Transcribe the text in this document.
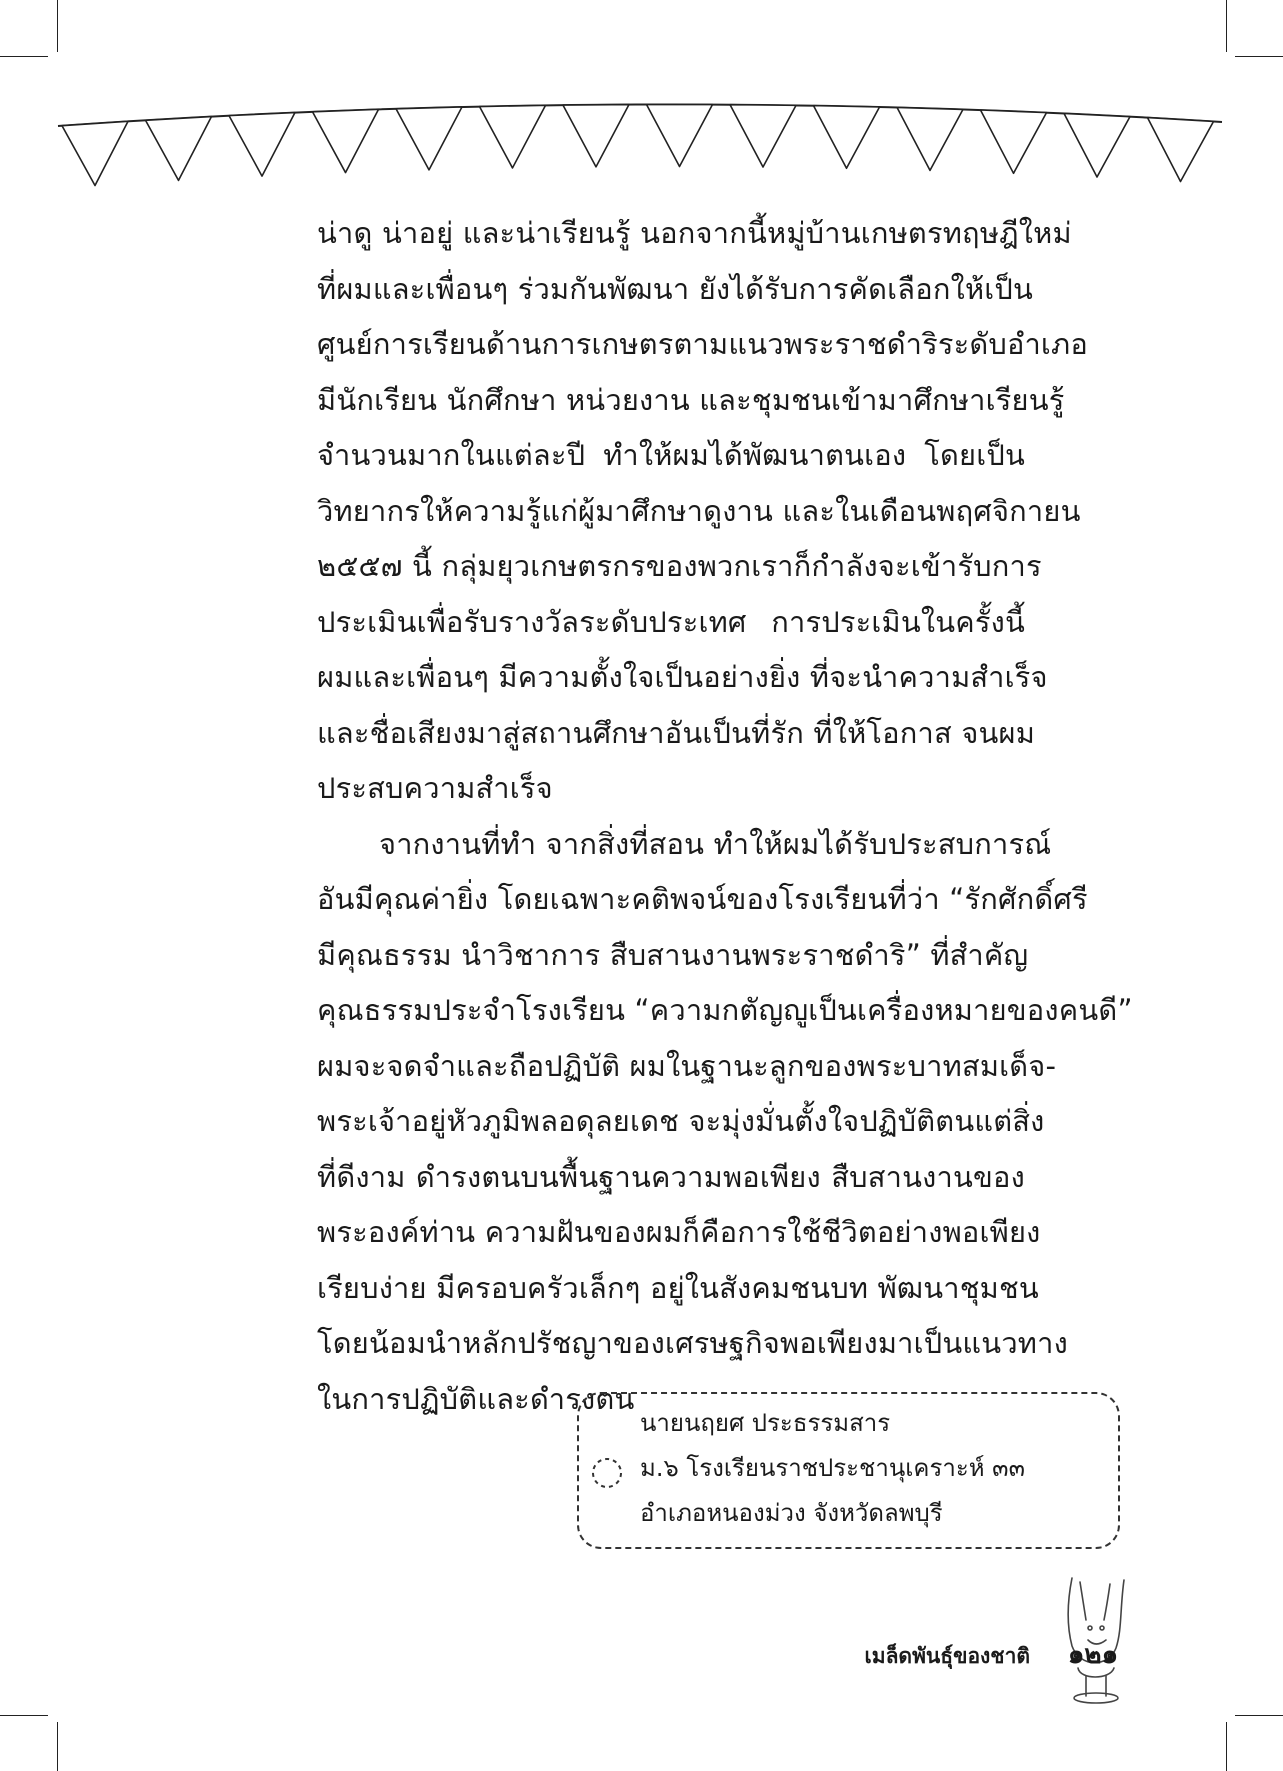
น่าดู น่าอยู่ และน่าเรียนรู้ นอกจากนี้หมู่บ้านเกษตรทฤษฎีใหม่
ที่ผมและเพื่อนๆ ร่วมกันพัฒนา ยังได้รับการคัดเลือกให้เป็น
ศูนย์การเรียนด้านการเกษตรตามแนวพระราชดำริระดับอำเภอ
มีนักเรียน นักศึกษา หน่วยงาน และชุมชนเข้ามาศึกษาเรียนรู้
จำนวนมากในแต่ละปี ทำให้ผมได้พัฒนาตนเอง โดยเป็น
วิทยากรให้ความรู้แก่ผู้มาศึกษาดูงาน และในเดือนพฤศจิกายน
๒๕๕๗ นี้ กลุ่มยุวเกษตรกรของพวกเราก็กำลังจะเข้ารับการ
ประเมินเพื่อรับรางวัลระดับประเทศ การประเมินในครั้งนี้
ผมและเพื่อนๆ มีความตั้งใจเป็นอย่างยิ่ง ที่จะนำความสำเร็จ
และชื่อเสียงมาสู่สถานศึกษาอันเป็นที่รัก ที่ให้โอกาส จนผม
ประสบความสำเร็จ
จากงานที่ทำ จากสิ่งที่สอน ทำให้ผมได้รับประสบการณ์
อันมีคุณค่ายิ่ง โดยเฉพาะคติพจน์ของโรงเรียนที่ว่า “รักศักดิ์ศรี
มีคุณธรรม นำวิชาการ สืบสานงานพระราชดำริ” ที่สำคัญ
คุณธรรมประจำโรงเรียน “ความกตัญญูเป็นเครื่องหมายของคนดี”
ผมจะจดจำและถือปฏิบัติ ผมในฐานะลูกของพระบาทสมเด็จ-
พระเจ้าอยู่หัวภูมิพลอดุลยเดช จะมุ่งมั่นตั้งใจปฏิบัติตนแต่สิ่ง
ที่ดีงาม ดำรงตนบนพื้นฐานความพอเพียง สืบสานงานของ
พระองค์ท่าน ความฝันของผมก็คือการใช้ชีวิตอย่างพอเพียง
เรียบง่าย มีครอบครัวเล็กๆ อยู่ในสังคมชนบท พัฒนาชุมชน
โดยน้อมนำหลักปรัชญาของเศรษฐกิจพอเพียงมาเป็นแนวทาง
ในการปฏิบัติและดำรงตน
นายนฤยศ ประธรรมสาร
ม.๖ โรงเรียนราชประชานุเคราะห์ ๓๓
อำเภอหนองม่วง จังหวัดลพบุรี
เมล็ดพันธุ์ของชาติ	๑๒๑
